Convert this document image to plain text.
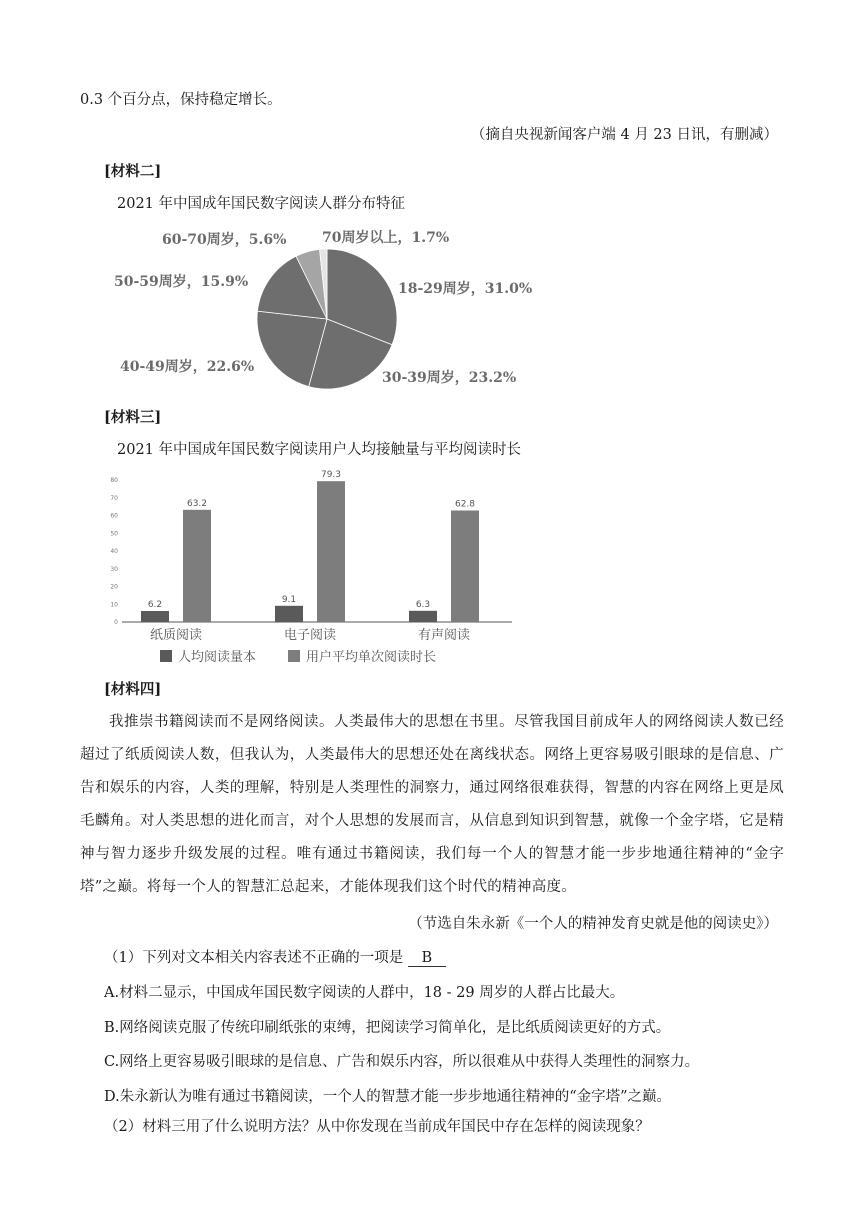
0.3 个百分点，保持稳定增长。
（摘自央视新闻客户端 4 月 23 日讯，有删减）
[材料二]
2021 年中国成年国民数字阅读人群分布特征
18-29周岁，31.0%
30-39周岁，23.2%
40-49周岁，22.6%
50-59周岁，15.9%
60-70周岁，5.6%	70周岁以上，1.7%
[材料三]
2021 年中国成年国民数字阅读用户人均接触量与平均阅读时长
0
10
20
30
40
50
60
70
80
6.2
9.1	6.3
63.2
79.3
62.8
纸质阅读	电子阅读	有声阅读
人均阅读量本	用户平均单次阅读时长
[材料四]
我推崇书籍阅读而不是网络阅读。人类最伟大的思想在书里。尽管我国目前成年人的网络阅读人数已经超过了纸质阅读人数，但我认为，人类最伟大的思想还处在离线状态。网络上更容易吸引眼球的是信息、广告和娱乐的内容，人类的理解，特别是人类理性的洞察力，通过网络很难获得，智慧的内容在网络上更是凤毛麟角。对人类思想的进化而言，对个人思想的发展而言，从信息到知识到智慧，就像一个金字塔，它是精神与智力逐步升级发展的过程。唯有通过书籍阅读，我们每一个人的智慧才能一步步地通往精神的“金字塔”之巅。将每一个人的智慧汇总起来，才能体现我们这个时代的精神高度。
（节选自朱永新《一个人的精神发育史就是他的阅读史》）
（1）下列对文本相关内容表述不正确的一项是 B
A.材料二显示，中国成年国民数字阅读的人群中，18 - 29 周岁的人群占比最大。
B.网络阅读克服了传统印刷纸张的束缚，把阅读学习简单化，是比纸质阅读更好的方式。
C.网络上更容易吸引眼球的是信息、广告和娱乐内容，所以很难从中获得人类理性的洞察力。
D.朱永新认为唯有通过书籍阅读，一个人的智慧才能一步步地通往精神的“金字塔”之巅。
（2）材料三用了什么说明方法？从中你发现在当前成年国民中存在怎样的阅读现象？
